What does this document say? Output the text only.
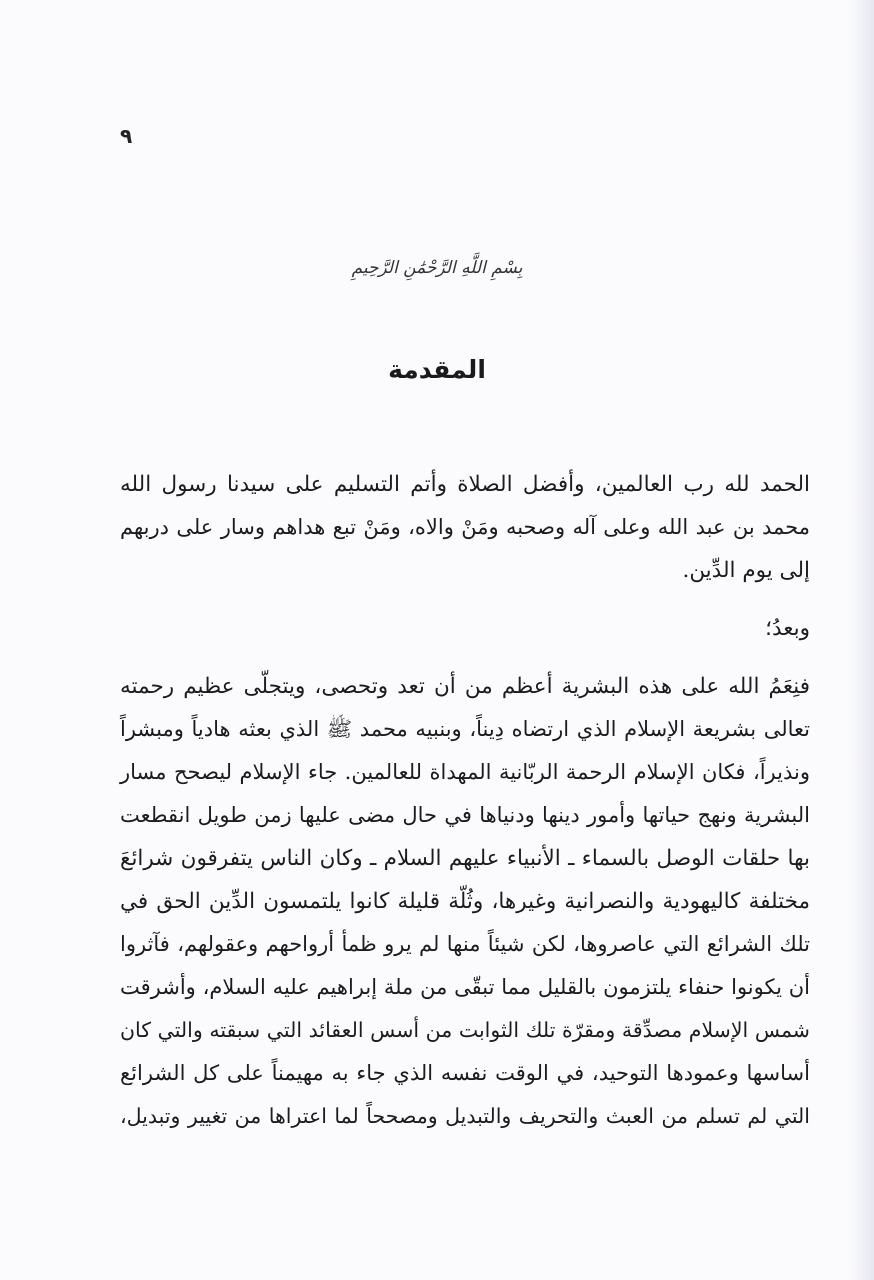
٩
بِسْمِ اللَّهِ الرَّحْمَٰنِ الرَّحِيمِ
المقدمة

الحمد لله رب العالمين، وأفضل الصلاة وأتم التسليم على سيدنا رسول الله
محمد بن عبد الله وعلى آله وصحبه ومَنْ والاه، ومَنْ تبع هداهم وسار على دربهم
إلى يوم الدِّين.

وبعدُ؛

فنِعَمُ الله على هذه البشرية أعظم من أن تعد وتحصى، ويتجلّى عظيم رحمته
تعالى بشريعة الإسلام الذي ارتضاه دِيناً، وبنبيه محمد ﷺ الذي بعثه هادياً ومبشراً
ونذيراً، فكان الإسلام الرحمة الربّانية المهداة للعالمين. جاء الإسلام ليصحح مسار
البشرية ونهج حياتها وأمور دينها ودنياها في حال مضى عليها زمن طويل انقطعت
بها حلقات الوصل بالسماء ـ الأنبياء عليهم السلام ـ وكان الناس يتفرقون شرائعَ
مختلفة كاليهودية والنصرانية وغيرها، وثُلّة قليلة كانوا يلتمسون الدِّين الحق في
تلك الشرائع التي عاصروها، لكن شيئاً منها لم يرو ظمأ أرواحهم وعقولهم، فآثروا
أن يكونوا حنفاء يلتزمون بالقليل مما تبقّى من ملة إبراهيم عليه السلام، وأشرقت
شمس الإسلام مصدِّقة ومقرّة تلك الثوابت من أسس العقائد التي سبقته والتي كان
أساسها وعمودها التوحيد، في الوقت نفسه الذي جاء به مهيمناً على كل الشرائع
التي لم تسلم من العبث والتحريف والتبديل ومصححاً لما اعتراها من تغيير وتبديل،
